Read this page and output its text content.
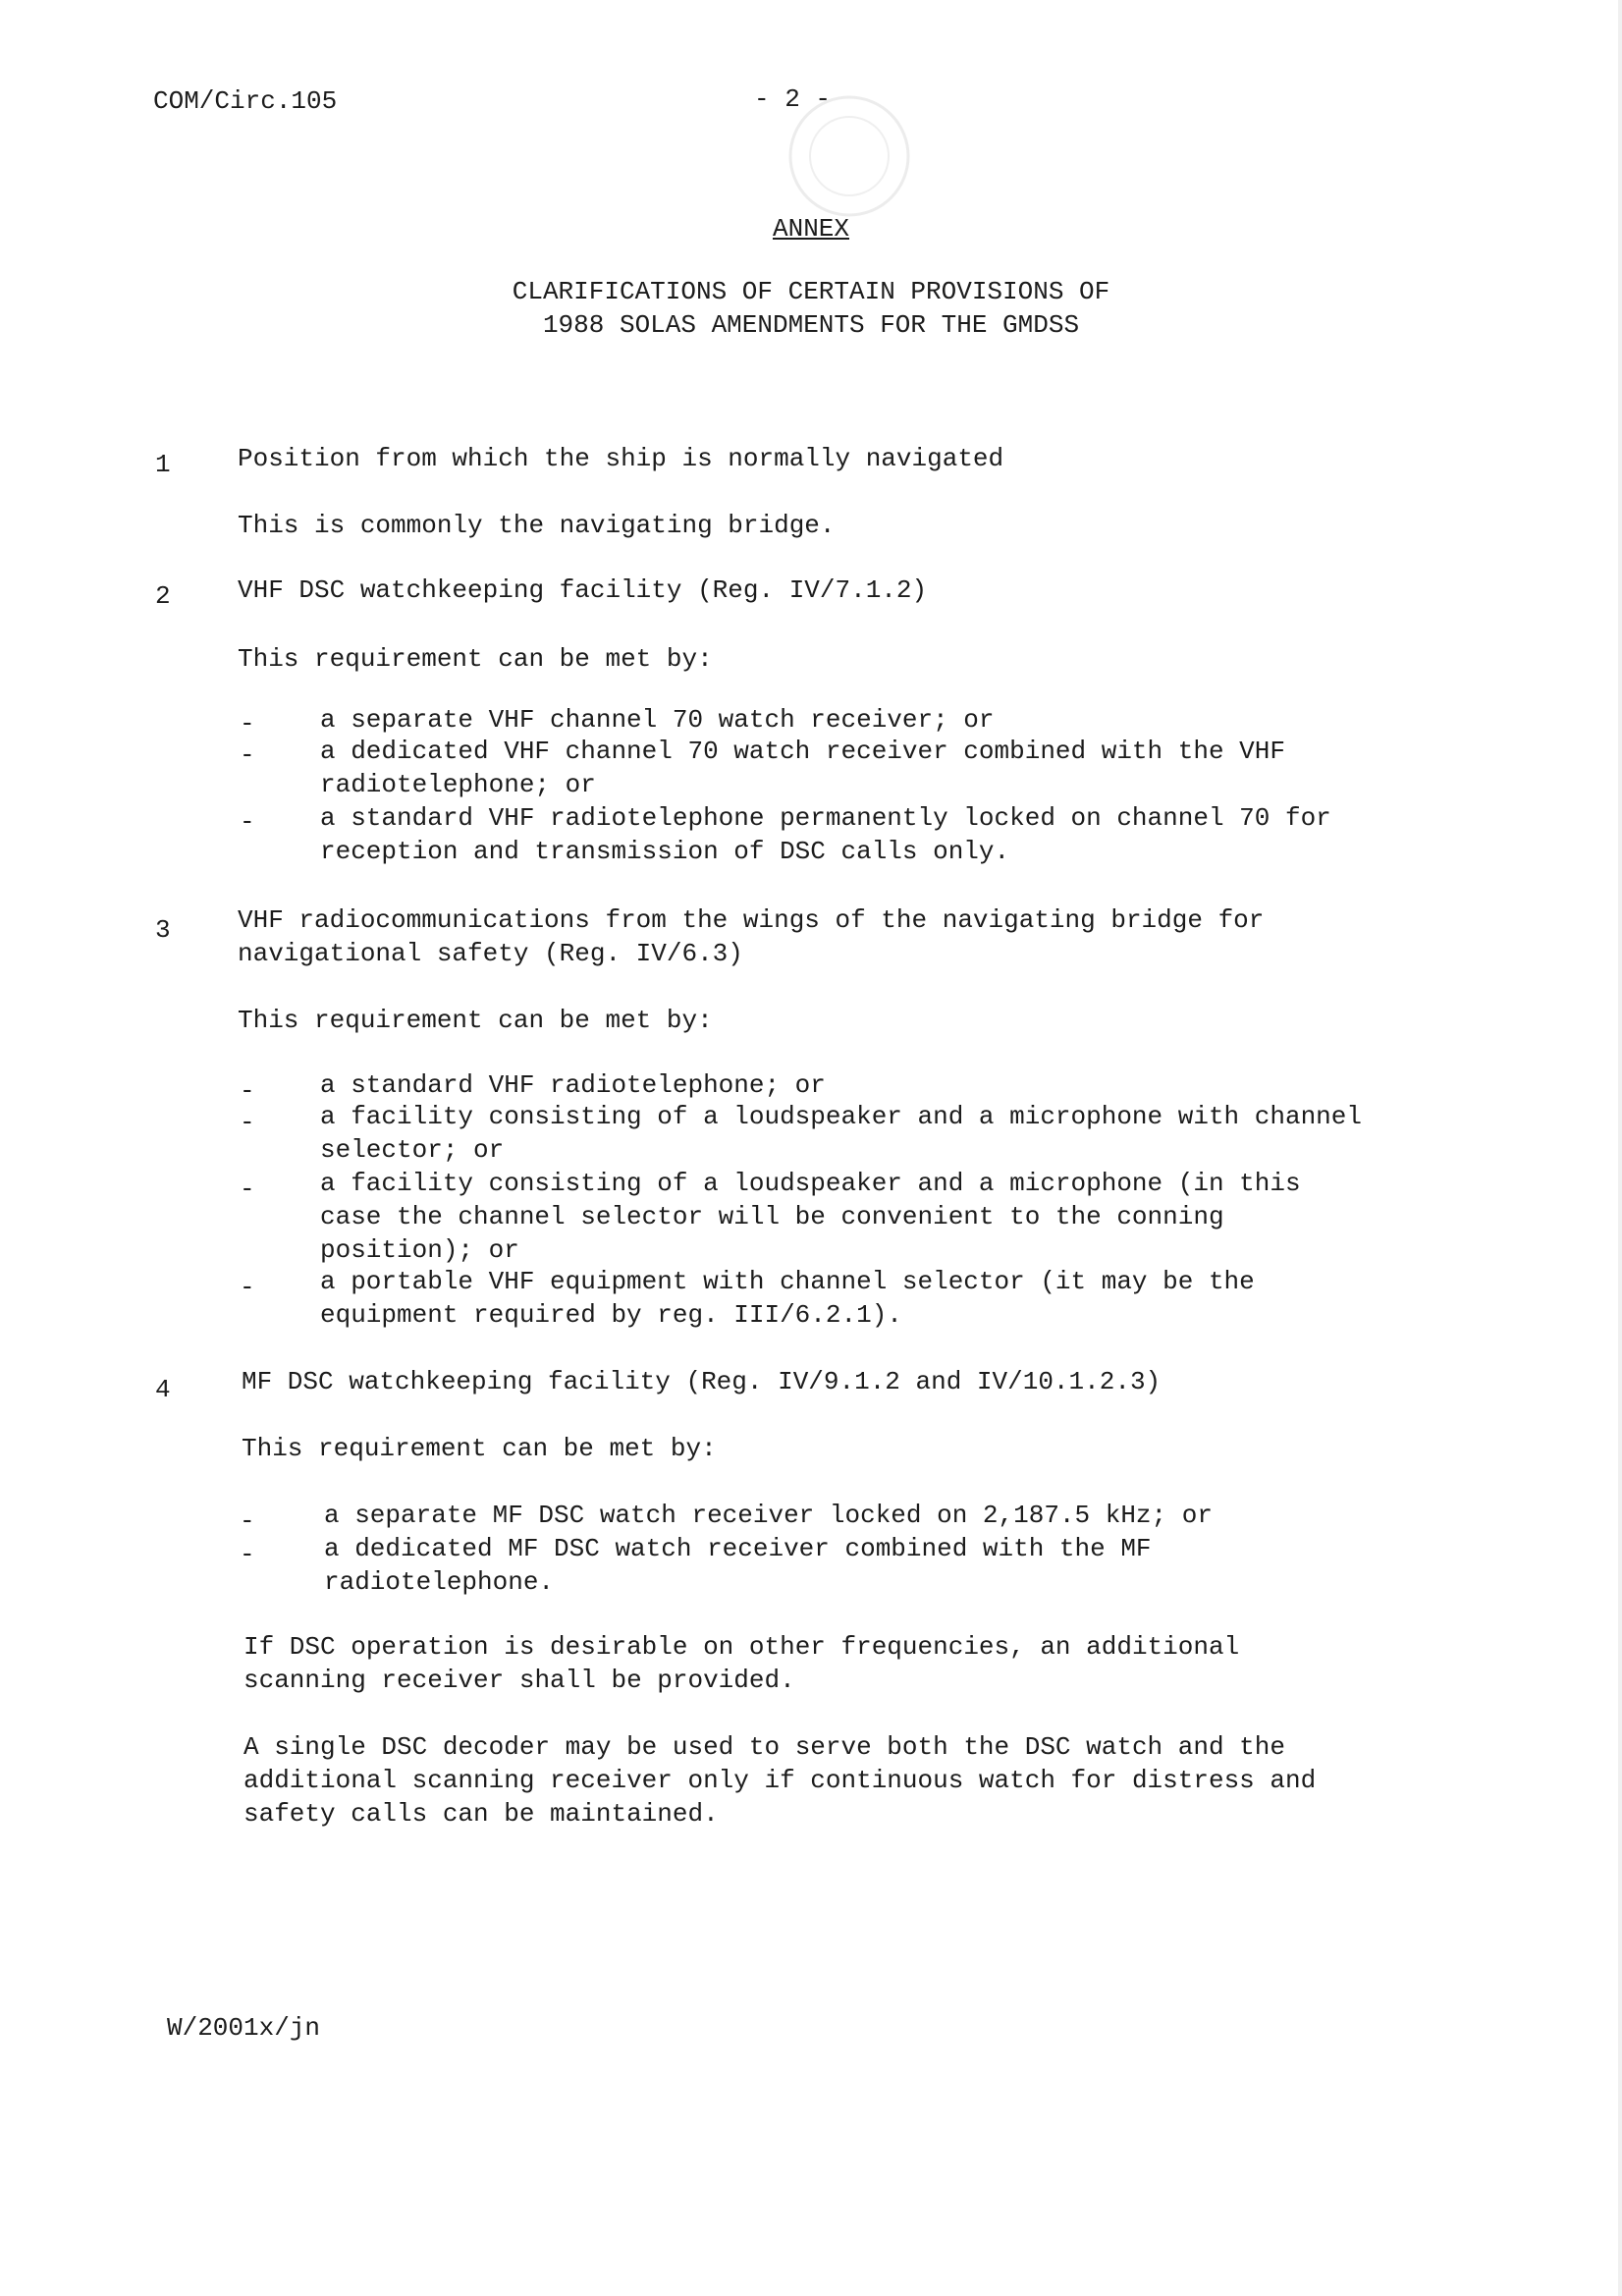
COM/Circ.105	- 2 -
ANNEX
CLARIFICATIONS OF CERTAIN PROVISIONS OF
1988 SOLAS AMENDMENTS FOR THE GMDSS
1	Position from which the ship is normally navigated
This is commonly the navigating bridge.
2	VHF DSC watchkeeping facility (Reg. IV/7.1.2)
This requirement can be met by:
-	a separate VHF channel 70 watch receiver; or
-	a dedicated VHF channel 70 watch receiver combined with the VHF
radiotelephone; or
-	a standard VHF radiotelephone permanently locked on channel 70 for
reception and transmission of DSC calls only.
3	VHF radiocommunications from the wings of the navigating bridge for
navigational safety (Reg. IV/6.3)
This requirement can be met by:
-	a standard VHF radiotelephone; or
-	a facility consisting of a loudspeaker and a microphone with channel
selector; or
-	a facility consisting of a loudspeaker and a microphone (in this
case the channel selector will be convenient to the conning
position); or
-	a portable VHF equipment with channel selector (it may be the
equipment required by reg. III/6.2.1).
4	MF DSC watchkeeping facility (Reg. IV/9.1.2 and IV/10.1.2.3)
This requirement can be met by:
-	a separate MF DSC watch receiver locked on 2,187.5 kHz; or
-	a dedicated MF DSC watch receiver combined with the MF
radiotelephone.
If DSC operation is desirable on other frequencies, an additional
scanning receiver shall be provided.
A single DSC decoder may be used to serve both the DSC watch and the
additional scanning receiver only if continuous watch for distress and
safety calls can be maintained.
W/2001x/jn
